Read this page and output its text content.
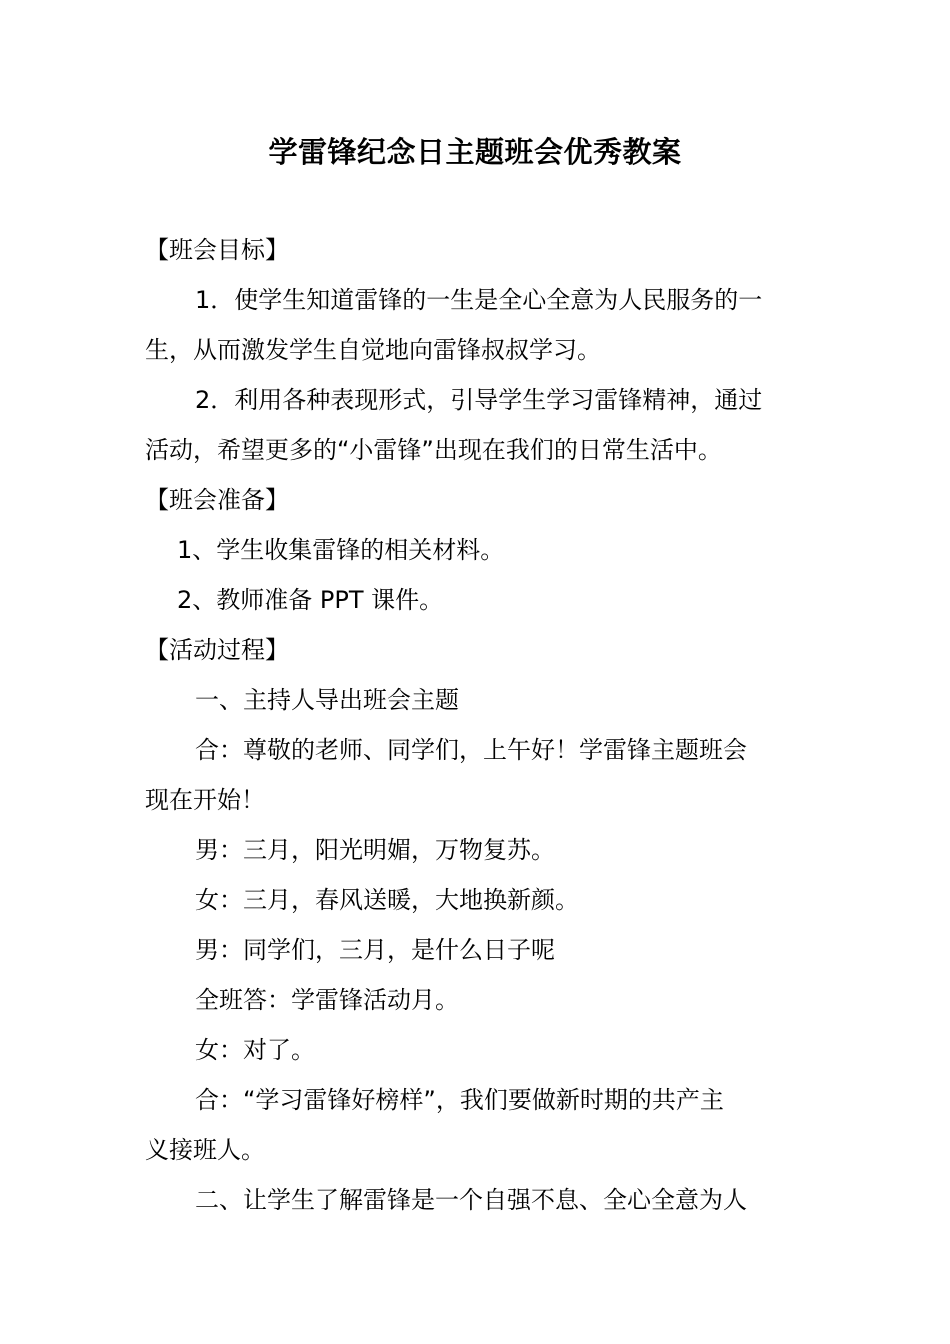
学雷锋纪念日主题班会优秀教案
【班会目标】
1．使学生知道雷锋的一生是全心全意为人民服务的一
生，从而激发学生自觉地向雷锋叔叔学习。
2．利用各种表现形式，引导学生学习雷锋精神，通过
活动，希望更多的“小雷锋”出现在我们的日常生活中。
【班会准备】
1、学生收集雷锋的相关材料。
2、教师准备 PPT 课件。
【活动过程】
一、主持人导出班会主题
合：尊敬的老师、同学们，上午好！学雷锋主题班会
现在开始！
男：三月，阳光明媚，万物复苏。
女：三月，春风送暖，大地换新颜。
男：同学们，三月，是什么日子呢
全班答：学雷锋活动月。
女：对了。
合：“学习雷锋好榜样”，我们要做新时期的共产主
义接班人。
二、让学生了解雷锋是一个自强不息、全心全意为人
